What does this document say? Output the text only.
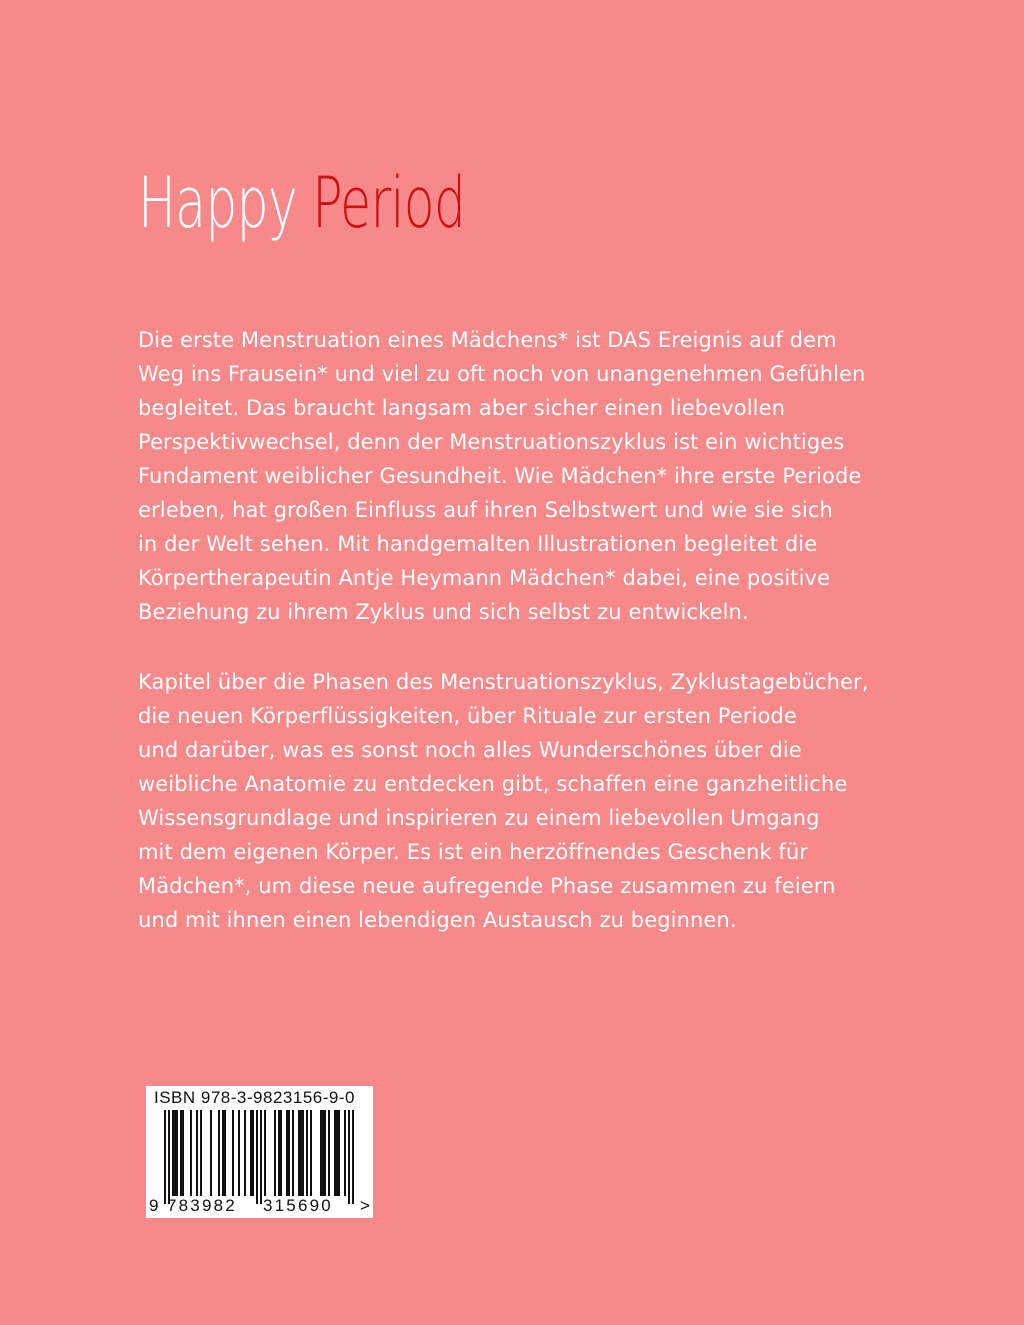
Happy Period
Die erste Menstruation eines Mädchens* ist DAS Ereignis auf dem
Weg ins Frausein* und viel zu oft noch von unangenehmen Gefühlen
begleitet. Das braucht langsam aber sicher einen liebevollen
Perspektivwechsel, denn der Menstruationszyklus ist ein wichtiges
Fundament weiblicher Gesundheit. Wie Mädchen* ihre erste Periode
erleben, hat großen Einfluss auf ihren Selbstwert und wie sie sich
in der Welt sehen. Mit handgemalten Illustrationen begleitet die
Körpertherapeutin Antje Heymann Mädchen* dabei, eine positive
Beziehung zu ihrem Zyklus und sich selbst zu entwickeln.
Kapitel über die Phasen des Menstruationszyklus, Zyklustagebücher,
die neuen Körperflüssigkeiten, über Rituale zur ersten Periode
und darüber, was es sonst noch alles Wunderschönes über die
weibliche Anatomie zu entdecken gibt, schaffen eine ganzheitliche
Wissensgrundlage und inspirieren zu einem liebevollen Umgang
mit dem eigenen Körper. Es ist ein herzöffnendes Geschenk für
Mädchen*, um diese neue aufregende Phase zusammen zu feiern
und mit ihnen einen lebendigen Austausch zu beginnen.
ISBN 978-3-9823156-9-0
9 783982 315690 >
